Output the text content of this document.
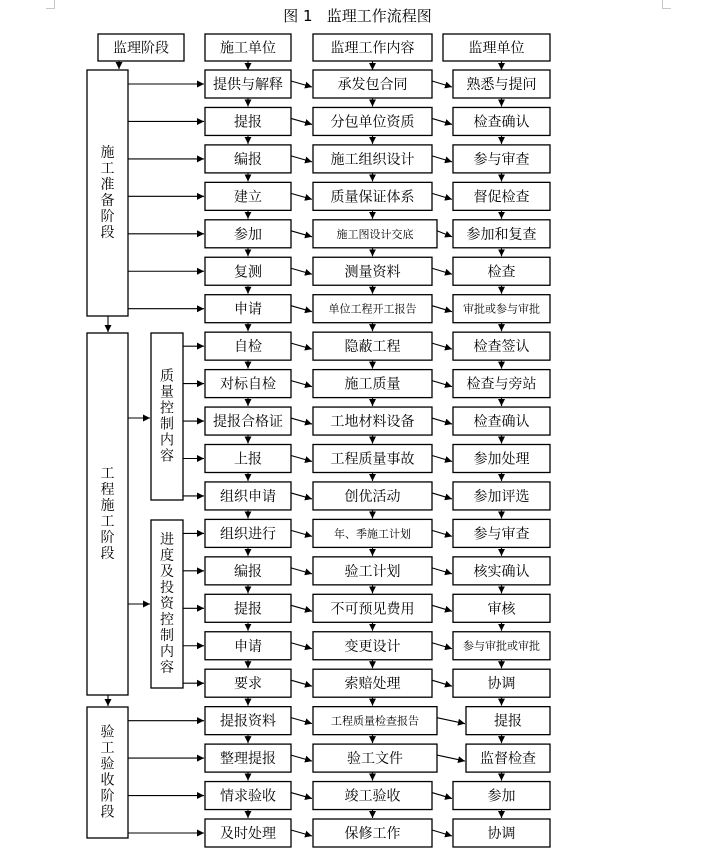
图 1   监理工作流程图
监理阶段	施工单位	监理工作内容	监理单位
施工准备阶段
工程施工阶段
验工验收阶段
质量控制内容
进度及投资控制内容
提供与解释	承发包合同	熟悉与提问
提报	分包单位资质	检查确认
编报	施工组织设计	参与审查
建立	质量保证体系	督促检查
参加	施工图设计交底	参加和复查
复测	测量资料	检查
申请	单位工程开工报告	审批或参与审批
自检	隐蔽工程	检查签认
对标自检	施工质量	检查与旁站
提报合格证	工地材料设备	检查确认
上报	工程质量事故	参加处理
组织申请	创优活动	参加评选
组织进行	年、季施工计划	参与审查
编报	验工计划	核实确认
提报	不可预见费用	审核
申请	变更设计	参与审批或审批
要求	索赔处理	协调
提报资料	工程质量检查报告	提报
整理提报	验工文件	监督检查
情求验收	竣工验收	参加
及时处理	保修工作	协调
